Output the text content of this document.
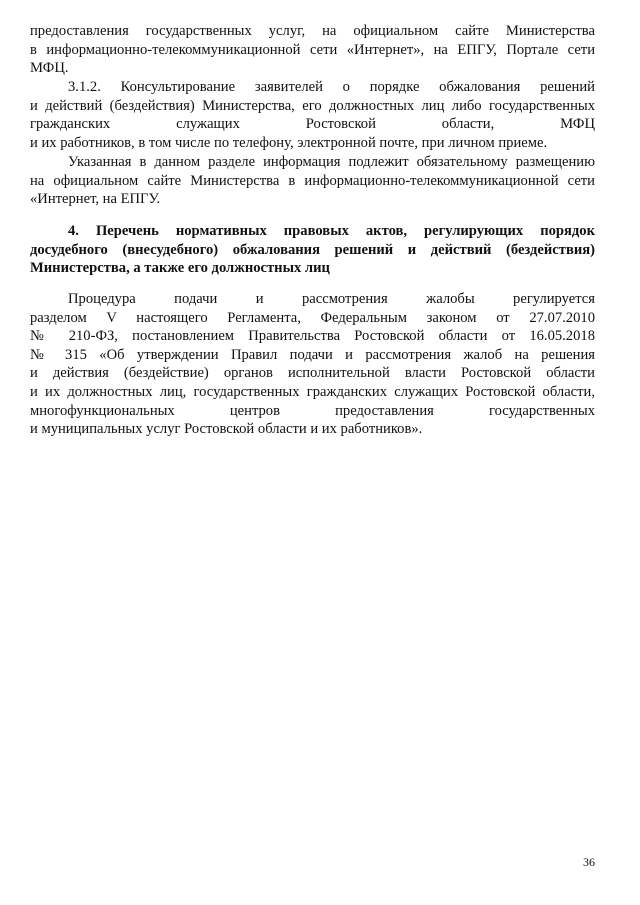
предоставления государственных услуг, на официальном сайте Министерства
в информационно-телекоммуникационной сети «Интернет», на ЕПГУ, Портале сети
МФЦ.
3.1.2. Консультирование заявителей о порядке обжалования решений
и действий (бездействия) Министерства, его должностных лиц либо государственных
гражданских служащих Ростовской области, МФЦ
и их работников, в том числе по телефону, электронной почте, при личном приеме.
Указанная в данном разделе информация подлежит обязательному размещению
на официальном сайте Министерства в информационно-телекоммуникационной сети
«Интернет, на ЕПГУ.
4. Перечень нормативных правовых актов, регулирующих порядок
досудебного (внесудебного) обжалования решений и действий (бездействия)
Министерства, а также его должностных лиц
Процедура подачи и рассмотрения жалобы регулируется
разделом V настоящего Регламента, Федеральным законом от 27.07.2010
№ 210-ФЗ, постановлением Правительства Ростовской области от 16.05.2018
№ 315 «Об утверждении Правил подачи и рассмотрения жалоб на решения
и действия (бездействие) органов исполнительной власти Ростовской области
и их должностных лиц, государственных гражданских служащих Ростовской области,
многофункциональных центров предоставления государственных
и муниципальных услуг Ростовской области и их работников».
36
